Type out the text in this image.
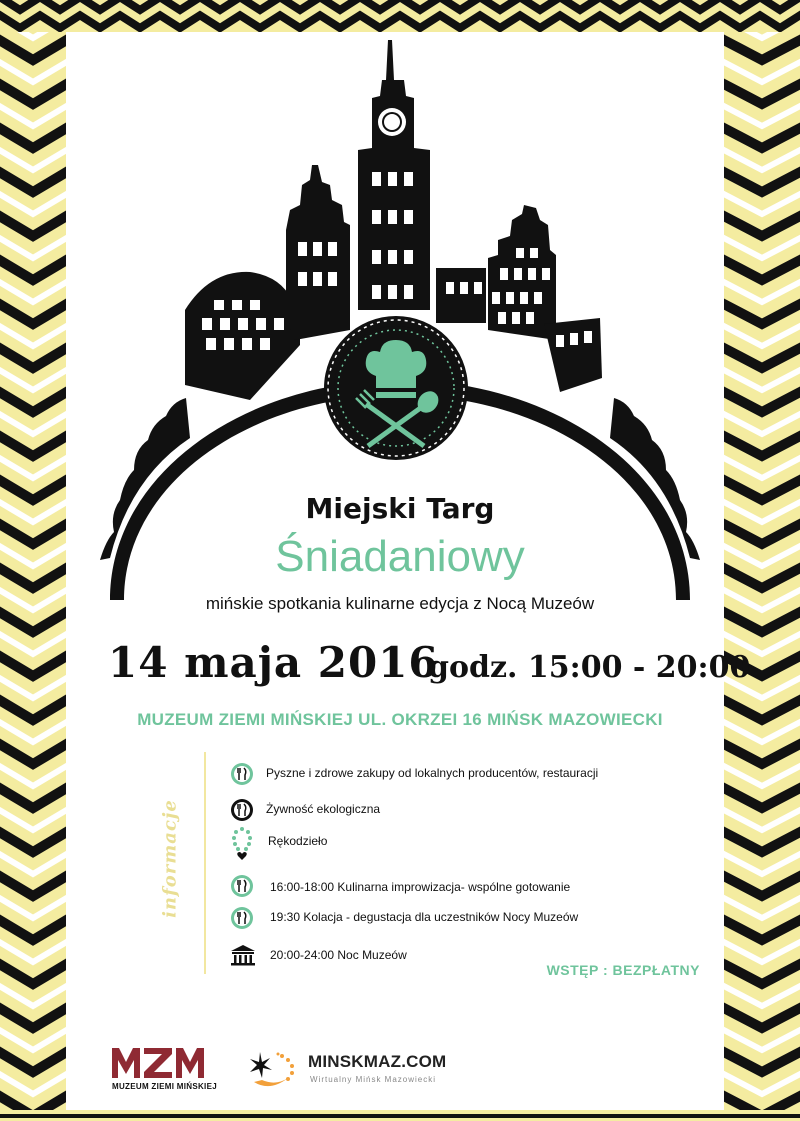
Miejski Targ
Śniadaniowy
mińskie spotkania kulinarne edycja z Nocą Muzeów
14 maja 2016
godz. 15:00 - 20:00
MUZEUM ZIEMI MIŃSKIEJ UL. OKRZEI 16 MIŃSK MAZOWIECKI
informacje
Pyszne i zdrowe zakupy od lokalnych producentów, restauracji
Żywność ekologiczna
Rękodzieło
16:00-18:00 Kulinarna improwizacja- wspólne gotowanie
19:30 Kolacja - degustacja dla uczestników Nocy Muzeów
20:00-24:00 Noc Muzeów
WSTĘP : BEZPŁATNY
MUZEUM ZIEMI MIŃSKIEJ
MINSKMAZ.COM
Wirtualny Mińsk Mazowiecki
